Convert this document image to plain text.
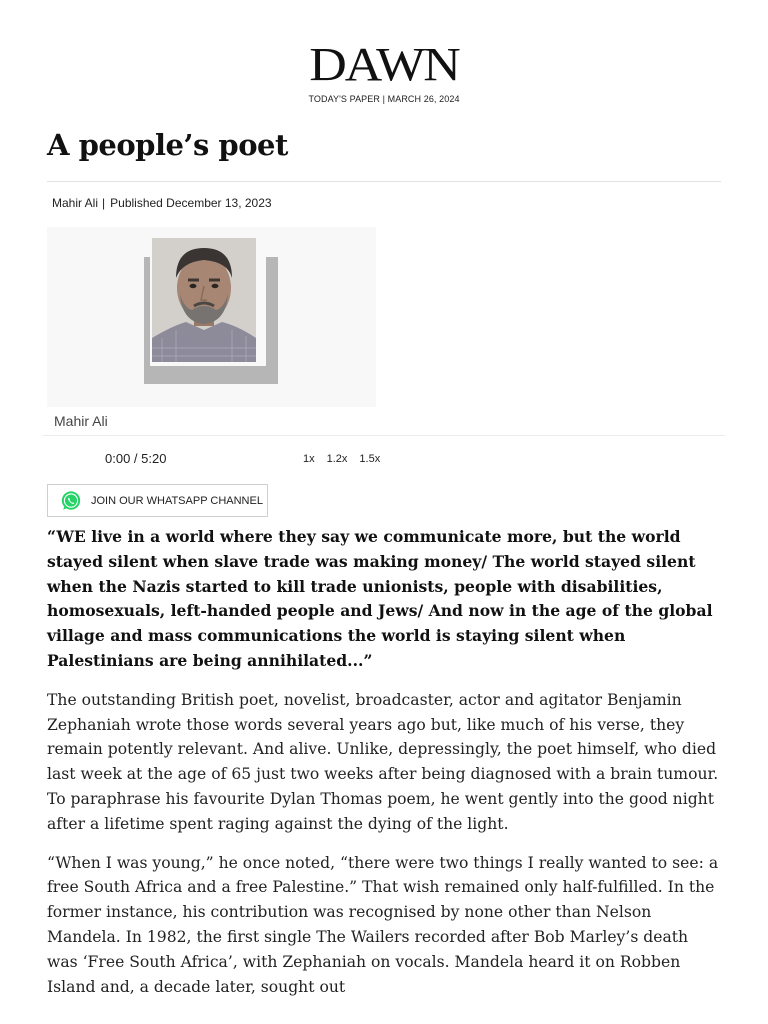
DAWN
TODAY'S PAPER | MARCH 26, 2024
A people’s poet
Mahir Ali | Published December 13, 2023
Mahir Ali
0:00 / 5:20	1x 1.2x 1.5x
JOIN OUR WHATSAPP CHANNEL

“WE live in a world where they say we communicate more, but the world stayed silent when slave trade was making money/ The world stayed silent when the Nazis started to kill trade unionists, people with disabilities, homosexuals, left-handed people and Jews/ And now in the age of the global village and mass communications the world is staying silent when Palestinians are being annihilated...”

The outstanding British poet, novelist, broadcaster, actor and agitator Benjamin Zephaniah wrote those words several years ago but, like much of his verse, they remain potently relevant. And alive. Unlike, depressingly, the poet himself, who died last week at the age of 65 just two weeks after being diagnosed with a brain tumour. To paraphrase his favourite Dylan Thomas poem, he went gently into the good night after a lifetime spent raging against the dying of the light.

“When I was young,” he once noted, “there were two things I really wanted to see: a free South Africa and a free Palestine.” That wish remained only half-fulfilled. In the former instance, his contribution was recognised by none other than Nelson Mandela. In 1982, the first single The Wailers recorded after Bob Marley’s death was ‘Free South Africa’, with Zephaniah on vocals. Mandela heard it on Robben Island and, a decade later, sought out
